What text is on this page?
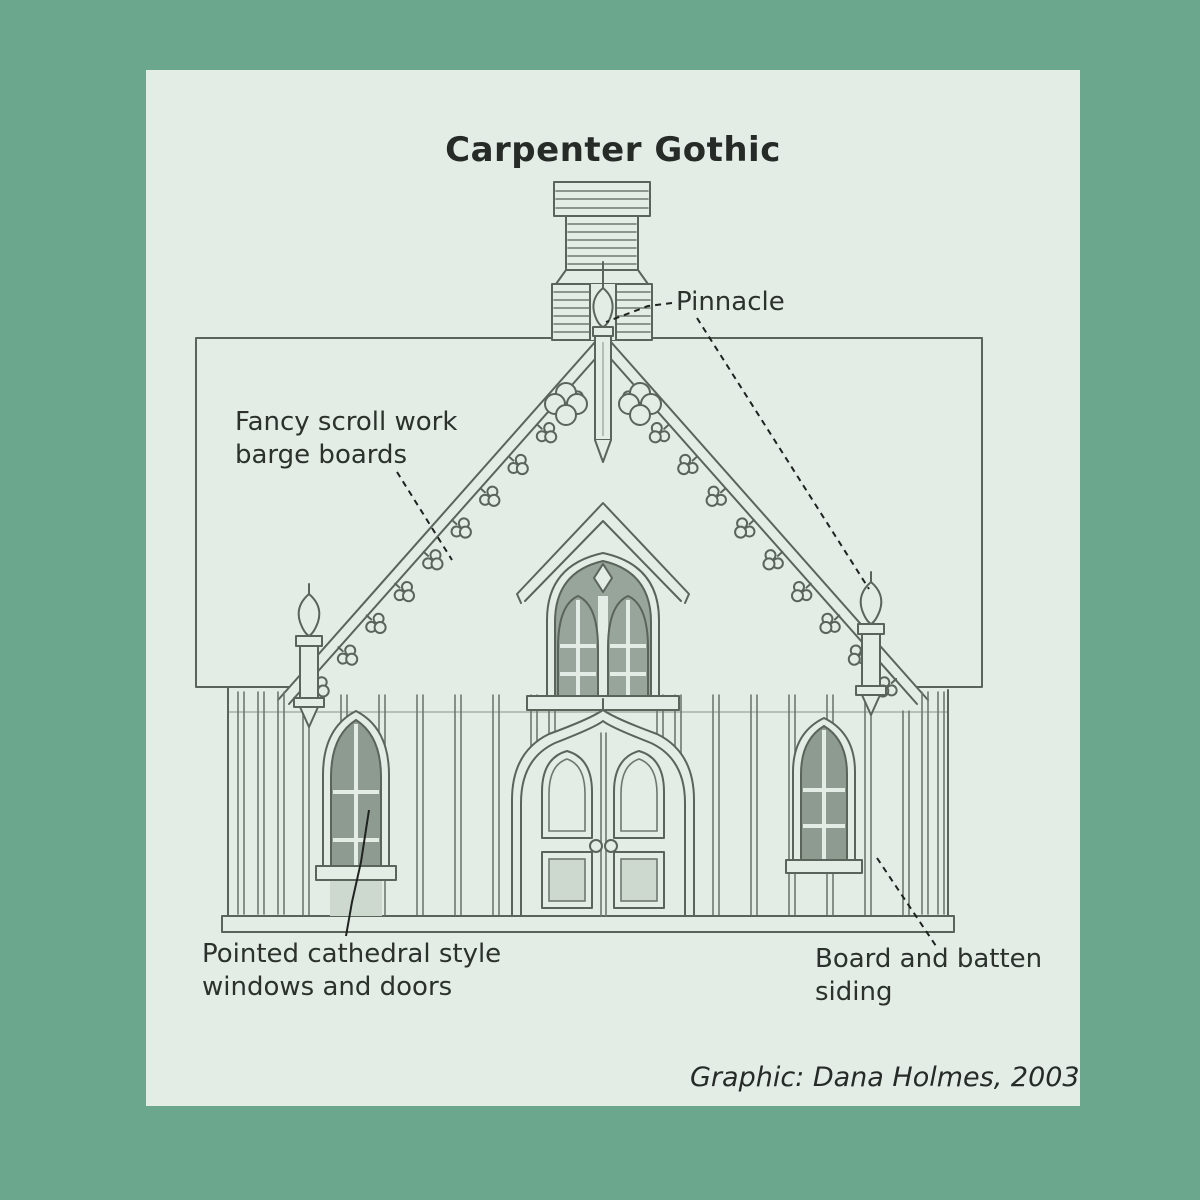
Carpenter Gothic
Pinnacle
Fancy scroll work
barge boards
Pointed cathedral style
windows and doors
Board and batten
siding
Graphic: Dana Holmes, 2003
